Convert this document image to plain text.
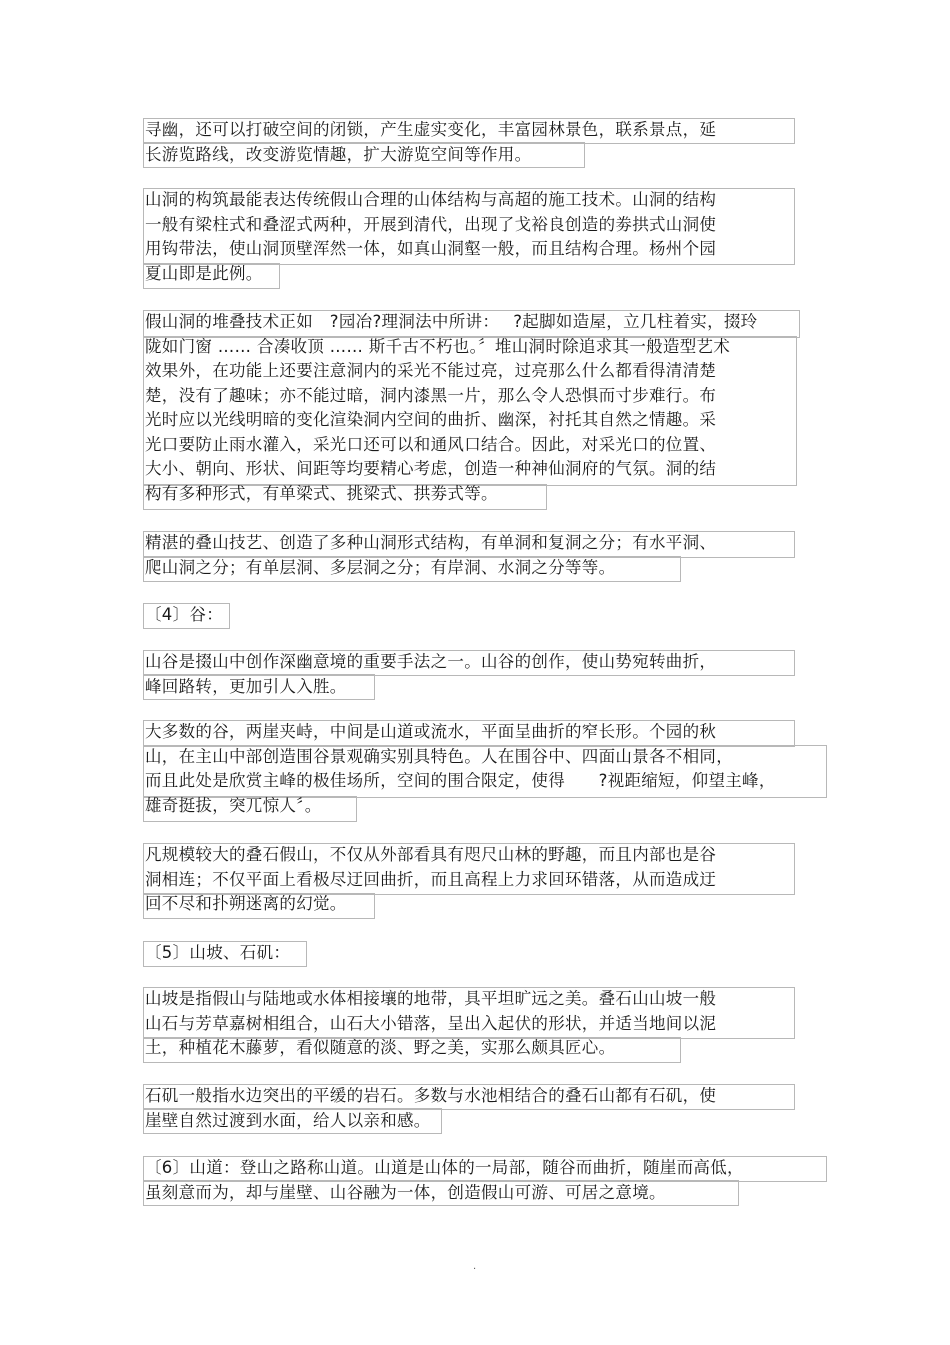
寻幽，还可以打破空间的闭锁，产生虚实变化，丰富园林景色，联系景点，延
长游览路线，改变游览情趣，扩大游览空间等作用。
山洞的构筑最能表达传统假山合理的山体结构与高超的施工技术。山洞的结构
一般有梁柱式和叠涩式两种，开展到清代，出现了戈裕良创造的劵拱式山洞使
用钩带法，使山洞顶壁浑然一体，如真山洞壑一般，而且结构合理。杨州个园
夏山即是此例。
假山洞的堆叠技术正如　?园冶?理洞法中所讲：　 ?起脚如造屋，立几柱着实，掇玲
陇如门窗 …… 合凑收顶 …… 斯千古不朽也。〞堆山洞时除追求其一般造型艺术
效果外，在功能上还要注意洞内的采光不能过亮，过亮那么什么都看得清清楚
楚，没有了趣味；亦不能过暗，洞内漆黑一片，那么令人恐惧而寸步难行。布
光时应以光线明暗的变化渲染洞内空间的曲折、幽深，衬托其自然之情趣。采
光口要防止雨水灌入，采光口还可以和通风口结合。因此，对采光口的位置、
大小、朝向、形状、间距等均要精心考虑，创造一种神仙洞府的气氛。洞的结
构有多种形式，有单梁式、挑梁式、拱劵式等。
精湛的叠山技艺、创造了多种山洞形式结构，有单洞和复洞之分；有水平洞、
爬山洞之分；有单层洞、多层洞之分；有岸洞、水洞之分等等。
〔4〕谷：
山谷是掇山中创作深幽意境的重要手法之一。山谷的创作，使山势宛转曲折，
峰回路转，更加引人入胜。
大多数的谷，两崖夹峙，中间是山道或流水，平面呈曲折的窄长形。个园的秋
山，在主山中部创造围谷景观确实别具特色。人在围谷中、四面山景各不相同，
而且此处是欣赏主峰的极佳场所，空间的围合限定，使得　　?视距缩短，仰望主峰，
雄奇挺拔，突兀惊人〞。
凡规模较大的叠石假山，不仅从外部看具有咫尺山林的野趣，而且内部也是谷
洞相连；不仅平面上看极尽迂回曲折，而且高程上力求回环错落，从而造成迂
回不尽和扑朔迷离的幻觉。
〔5〕山坡、石矶：
山坡是指假山与陆地或水体相接壤的地带，具平坦旷远之美。叠石山山坡一般
山石与芳草嘉树相组合，山石大小错落，呈出入起伏的形状，并适当地间以泥
土，种植花木藤萝，看似随意的淡、野之美，实那么颇具匠心。
石矶一般指水边突出的平缓的岩石。多数与水池相结合的叠石山都有石矶，使
崖壁自然过渡到水面，给人以亲和感。
〔6〕山道：登山之路称山道。山道是山体的一局部，随谷而曲折，随崖而高低，
虽刻意而为，却与崖壁、山谷融为一体，创造假山可游、可居之意境。
.
